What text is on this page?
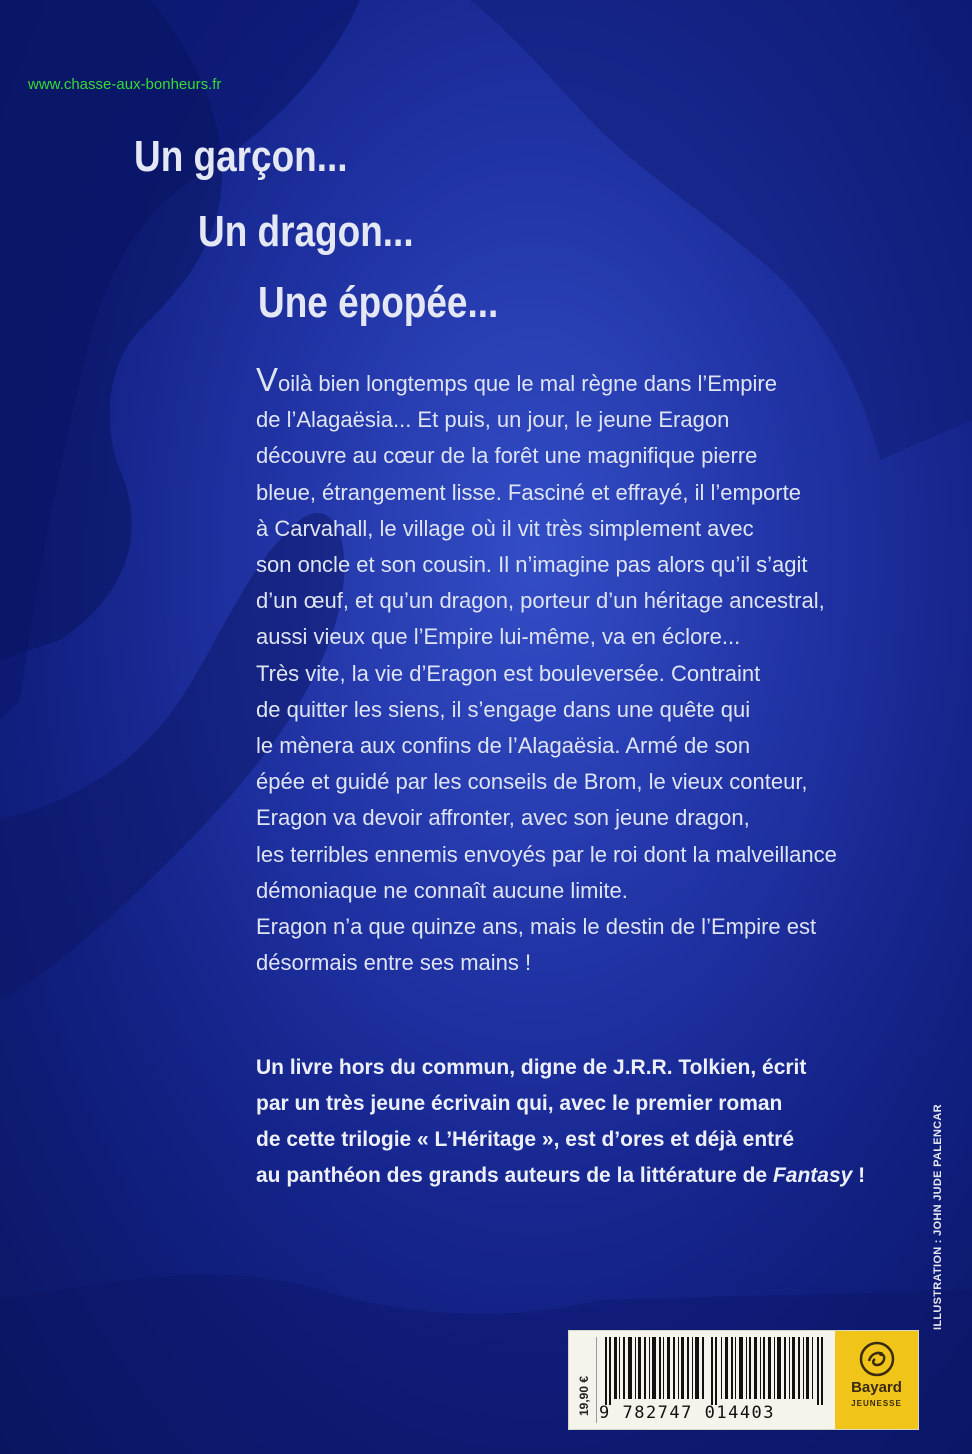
www.chasse-aux-bonheurs.fr
Un garçon...
Un dragon...
Une épopée...
Voilà bien longtemps que le mal règne dans l’Empire
de l’Alagaësia... Et puis, un jour, le jeune Eragon
découvre au cœur de la forêt une magnifique pierre
bleue, étrangement lisse. Fasciné et effrayé, il l’emporte
à Carvahall, le village où il vit très simplement avec
son oncle et son cousin. Il n’imagine pas alors qu’il s’agit
d’un œuf, et qu’un dragon, porteur d’un héritage ancestral,
aussi vieux que l’Empire lui-même, va en éclore...
Très vite, la vie d’Eragon est bouleversée. Contraint
de quitter les siens, il s’engage dans une quête qui
le mènera aux confins de l’Alagaësia. Armé de son
épée et guidé par les conseils de Brom, le vieux conteur,
Eragon va devoir affronter, avec son jeune dragon,
les terribles ennemis envoyés par le roi dont la malveillance
démoniaque ne connaît aucune limite.
Eragon n’a que quinze ans, mais le destin de l’Empire est
désormais entre ses mains !
Un livre hors du commun, digne de J.R.R. Tolkien, écrit
par un très jeune écrivain qui, avec le premier roman
de cette trilogie « L’Héritage », est d’ores et déjà entré
au panthéon des grands auteurs de la littérature de Fantasy !	ILLUSTRATION : JOHN JUDE PALENCAR
19,90 € 9 782747 014403
Bayard
JEUNESSE
